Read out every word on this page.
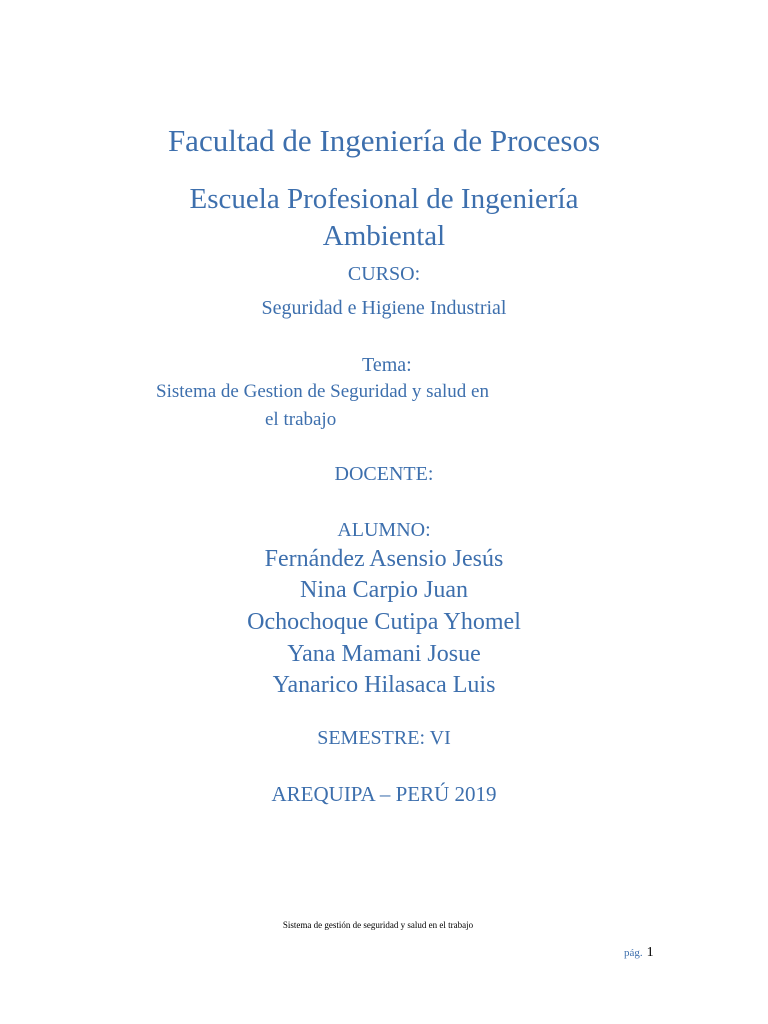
Facultad de Ingeniería de Procesos
Escuela Profesional de Ingeniería
Ambiental
CURSO:
Seguridad e Higiene Industrial
Tema:
Sistema de Gestion de Seguridad y salud en
el trabajo
DOCENTE:
ALUMNO:
Fernández Asensio Jesús
Nina Carpio Juan
Ochochoque Cutipa Yhomel
Yana Mamani Josue
Yanarico Hilasaca Luis
SEMESTRE: VI
AREQUIPA – PERÚ 2019
Sistema de gestión de seguridad y salud en el trabajo
pág. 1
